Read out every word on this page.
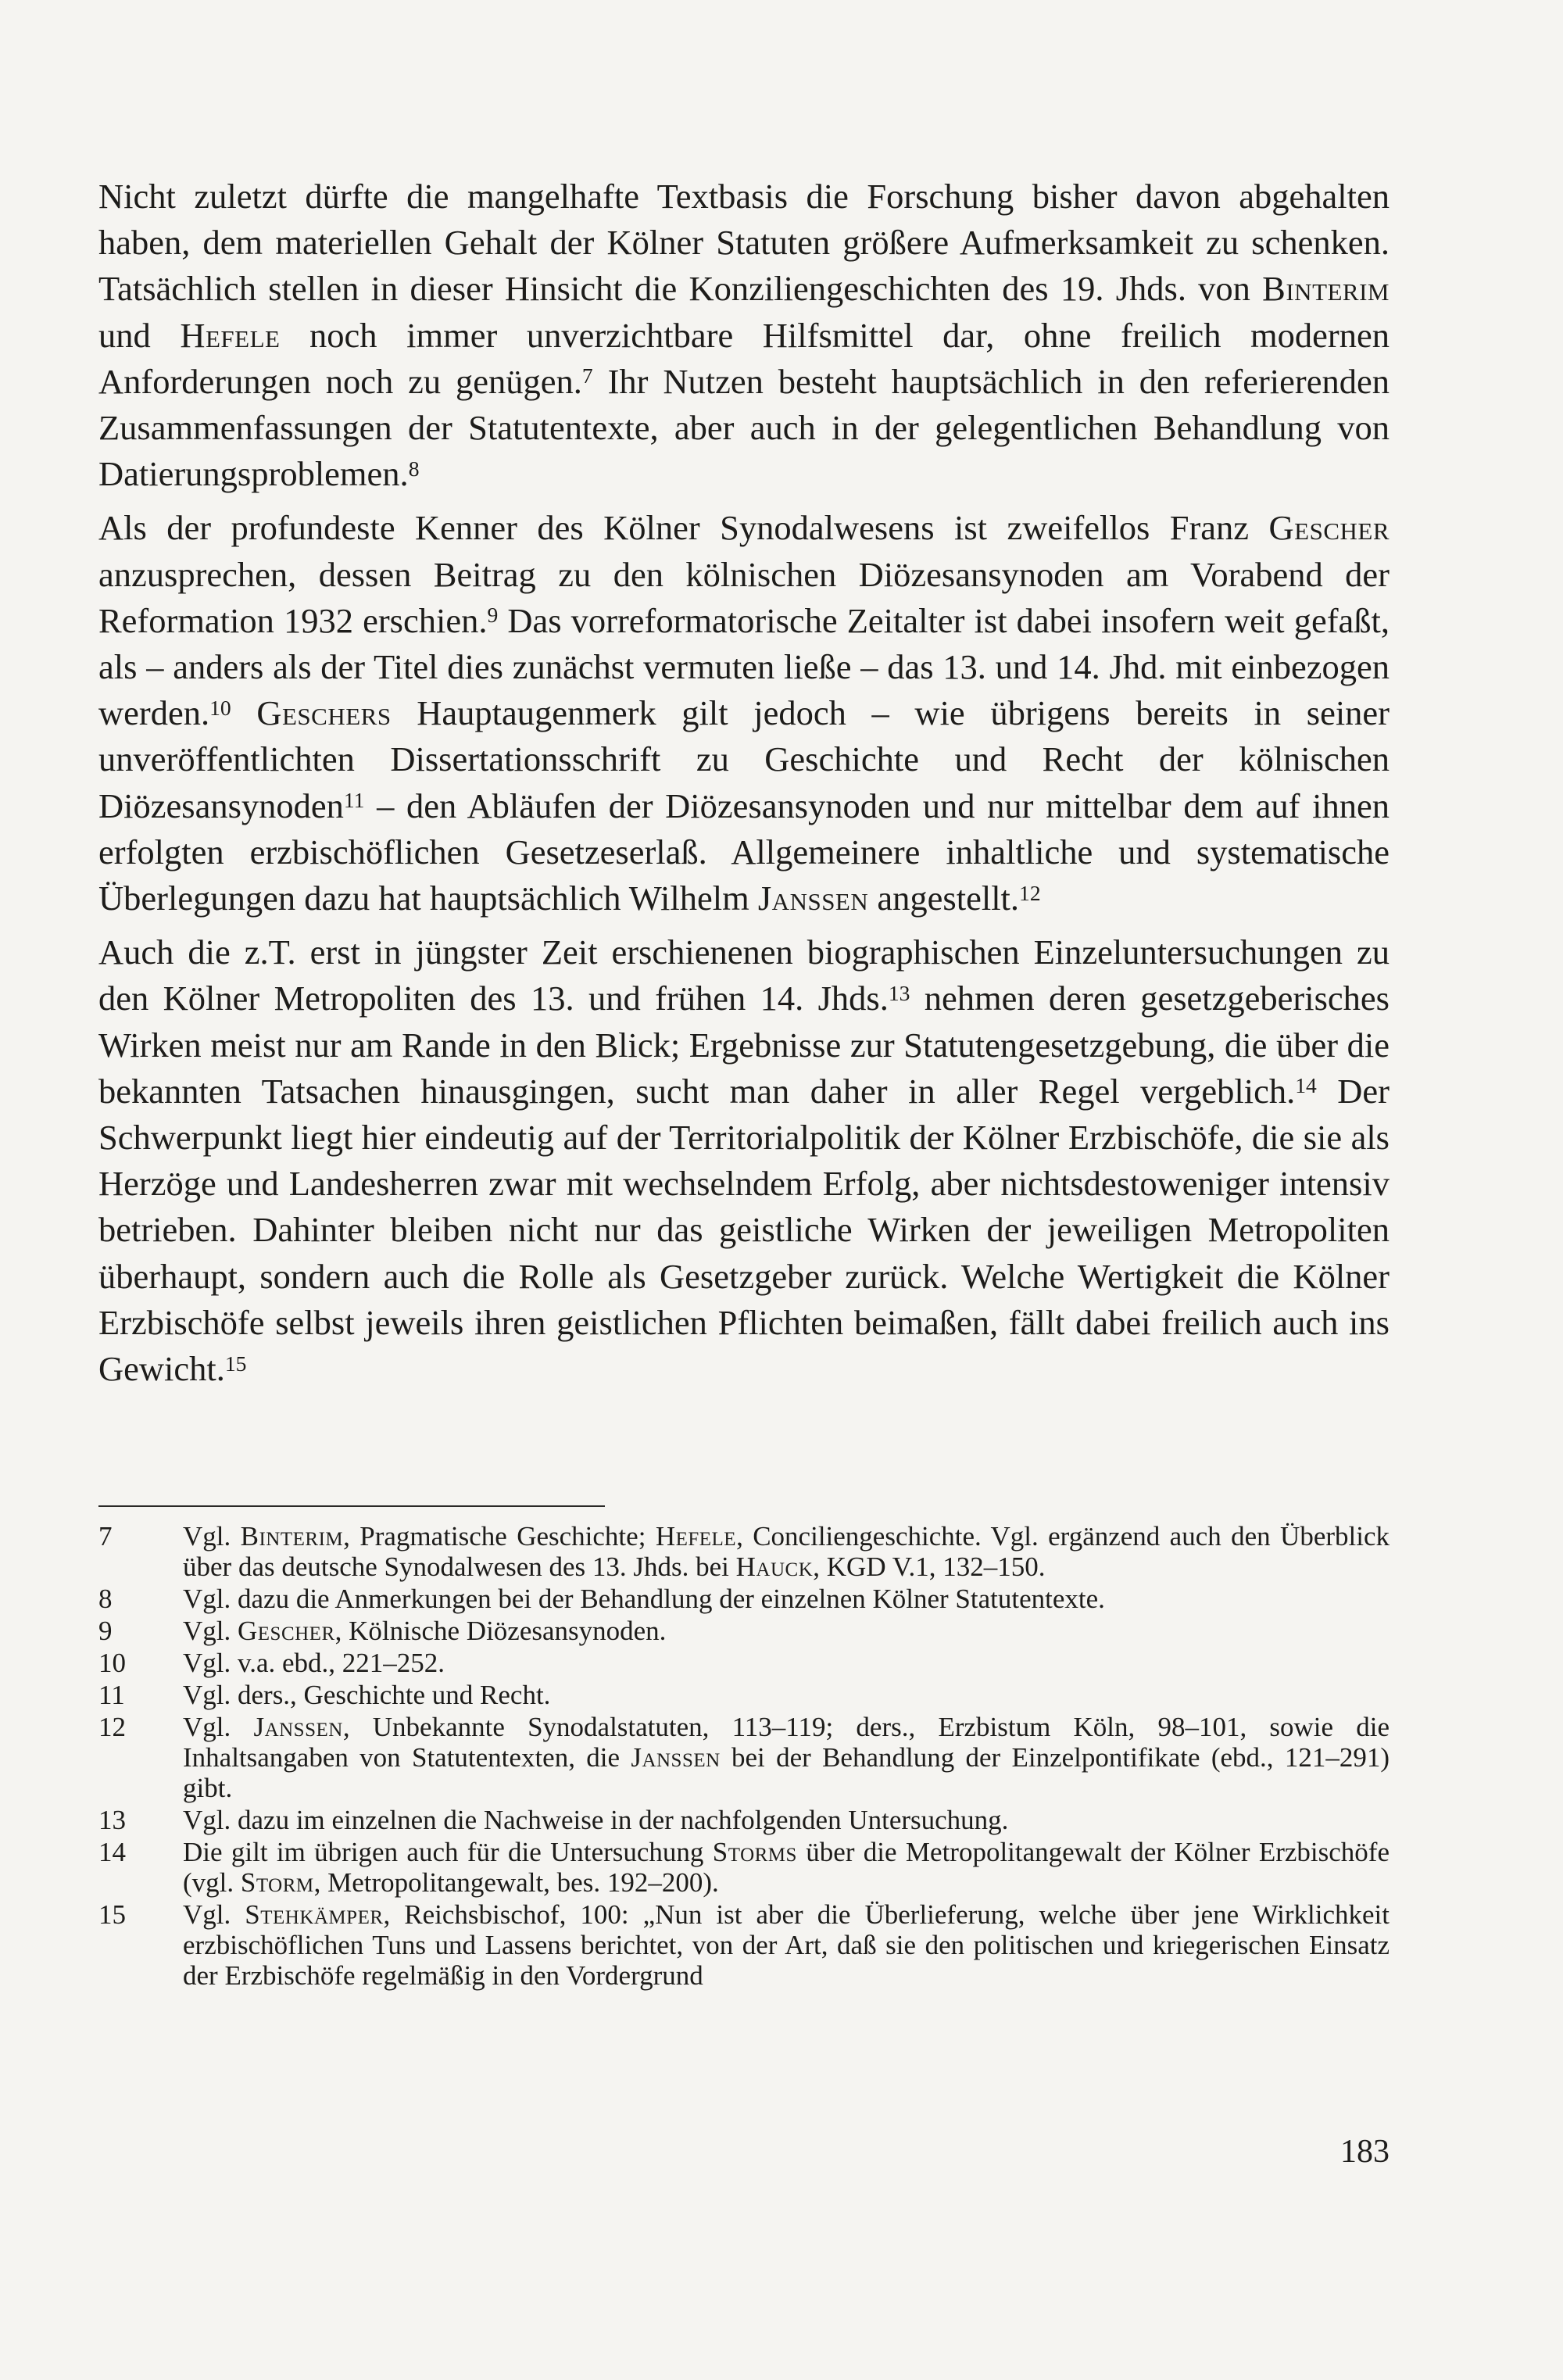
Nicht zuletzt dürfte die mangelhafte Textbasis die Forschung bisher davon abgehalten haben, dem materiellen Gehalt der Kölner Statuten größere Aufmerksamkeit zu schenken. Tatsächlich stellen in dieser Hinsicht die Konziliengeschichten des 19. Jhds. von Binterim und Hefele noch immer unverzichtbare Hilfsmittel dar, ohne freilich modernen Anforderungen noch zu genügen.$^7$ Ihr Nutzen besteht hauptsächlich in den referierenden Zusammenfassungen der Statutentexte, aber auch in der gelegentlichen Behandlung von Datierungsproblemen.$^8$

Als der profundeste Kenner des Kölner Synodalwesens ist zweifellos Franz Gescher anzusprechen, dessen Beitrag zu den kölnischen Diözesansynoden am Vorabend der Reformation 1932 erschien.$^9$ Das vorreformatorische Zeitalter ist dabei insofern weit gefaßt, als – anders als der Titel dies zunächst vermuten ließe – das 13. und 14. Jhd. mit einbezogen werden.$^{10}$ Geschers Hauptaugenmerk gilt jedoch – wie übrigens bereits in seiner unveröffentlichten Dissertationsschrift zu Geschichte und Recht der kölnischen Diözesansynoden$^{11}$ – den Abläufen der Diözesansynoden und nur mittelbar dem auf ihnen erfolgten erzbischöflichen Gesetzeserlaß. Allgemeinere inhaltliche und systematische Überlegungen dazu hat hauptsächlich Wilhelm Janssen angestellt.$^{12}$

Auch die z.T. erst in jüngster Zeit erschienenen biographischen Einzeluntersuchungen zu den Kölner Metropoliten des 13. und frühen 14. Jhds.$^{13}$ nehmen deren gesetzgeberisches Wirken meist nur am Rande in den Blick; Ergebnisse zur Statutengesetzgebung, die über die bekannten Tatsachen hinausgingen, sucht man daher in aller Regel vergeblich.$^{14}$ Der Schwerpunkt liegt hier eindeutig auf der Territorialpolitik der Kölner Erzbischöfe, die sie als Herzöge und Landesherren zwar mit wechselndem Erfolg, aber nichtsdestoweniger intensiv betrieben. Dahinter bleiben nicht nur das geistliche Wirken der jeweiligen Metropoliten überhaupt, sondern auch die Rolle als Gesetzgeber zurück. Welche Wertigkeit die Kölner Erzbischöfe selbst jeweils ihren geistlichen Pflichten beimaßen, fällt dabei freilich auch ins Gewicht.$^{15}$

7	Vgl. Binterim, Pragmatische Geschichte; Hefele, Conciliengeschichte. Vgl. ergänzend auch den Überblick über das deutsche Synodalwesen des 13. Jhds. bei Hauck, KGD V.1, 132–150.
8	Vgl. dazu die Anmerkungen bei der Behandlung der einzelnen Kölner Statutentexte.
9	Vgl. Gescher, Kölnische Diözesansynoden.
10	Vgl. v.a. ebd., 221–252.
11	Vgl. ders., Geschichte und Recht.
12	Vgl. Janssen, Unbekannte Synodalstatuten, 113–119; ders., Erzbistum Köln, 98–101, sowie die Inhaltsangaben von Statutentexten, die Janssen bei der Behandlung der Einzelpontifikate (ebd., 121–291) gibt.
13	Vgl. dazu im einzelnen die Nachweise in der nachfolgenden Untersuchung.
14	Die gilt im übrigen auch für die Untersuchung Storms über die Metropolitangewalt der Kölner Erzbischöfe (vgl. Storm, Metropolitangewalt, bes. 192–200).
15	Vgl. Stehkämper, Reichsbischof, 100: „Nun ist aber die Überlieferung, welche über jene Wirklichkeit erzbischöflichen Tuns und Lassens berichtet, von der Art, daß sie den politischen und kriegerischen Einsatz der Erzbischöfe regelmäßig in den Vordergrund
183
